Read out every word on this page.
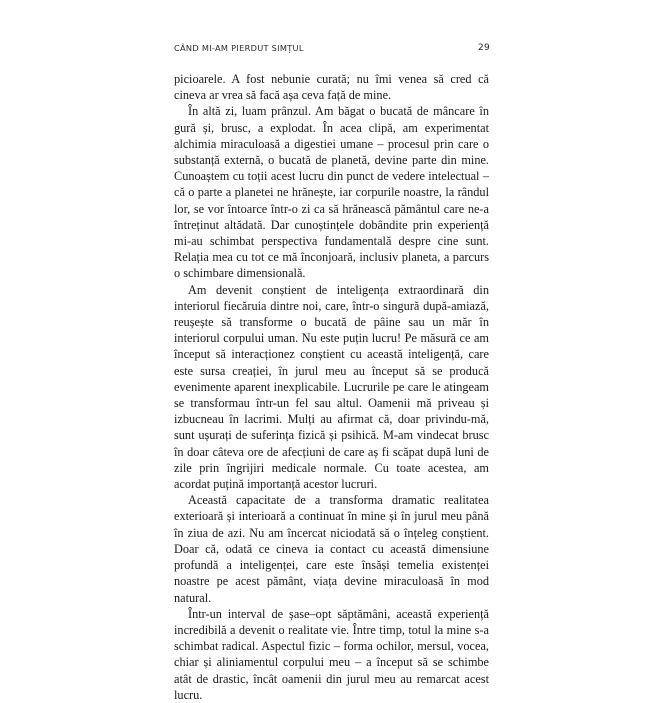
CÂND MI-AM PIERDUT SIMȚUL	29

picioarele. A fost nebunie curată; nu îmi venea să cred că cineva ar vrea să facă așa ceva față de mine.

În altă zi, luam prânzul. Am băgat o bucată de mâncare în gură și, brusc, a explodat. În acea clipă, am experimentat alchimia miraculoasă a digestiei umane – procesul prin care o substanță externă, o bucată de planetă, devine parte din mine. Cunoaștem cu toții acest lucru din punct de vedere intelectual – că o parte a planetei ne hrănește, iar corpurile noastre, la rândul lor, se vor întoarce într-o zi ca să hrănească pământul care ne-a întreținut altădată. Dar cunoștințele dobândite prin experiență mi-au schimbat perspectiva fundamentală despre cine sunt. Relația mea cu tot ce mă înconjoară, inclusiv planeta, a parcurs o schimbare dimensională.

Am devenit conștient de inteligența extraordinară din interiorul fiecăruia dintre noi, care, într-o singură după-amiază, reușește să transforme o bucată de pâine sau un măr în interiorul corpului uman. Nu este puțin lucru! Pe măsură ce am început să interacționez conștient cu această inteligență, care este sursa creației, în jurul meu au început să se producă evenimente aparent inexplicabile. Lucrurile pe care le atingeam se transformau într-un fel sau altul. Oamenii mă priveau și izbucneau în lacrimi. Mulți au afirmat că, doar privindu-mă, sunt ușurați de suferința fizică și psihică. M-am vindecat brusc în doar câteva ore de afecțiuni de care aș fi scăpat după luni de zile prin îngrijiri medicale normale. Cu toate acestea, am acordat puțină importanță acestor lucruri.

Această capacitate de a transforma dramatic realitatea exterioară și interioară a continuat în mine și în jurul meu până în ziua de azi. Nu am încercat niciodată să o înțeleg conștient. Doar că, odată ce cineva ia contact cu această dimensiune profundă a inteligenței, care este însăși temelia existenței noastre pe acest pământ, viața devine miraculoasă în mod natural.

Într-un interval de șase–opt săptămâni, această experiență incredibilă a devenit o realitate vie. Între timp, totul la mine s-a schimbat radical. Aspectul fizic – forma ochilor, mersul, vocea, chiar și aliniamentul corpului meu – a început să se schimbe atât de drastic, încât oamenii din jurul meu au remarcat acest lucru.
